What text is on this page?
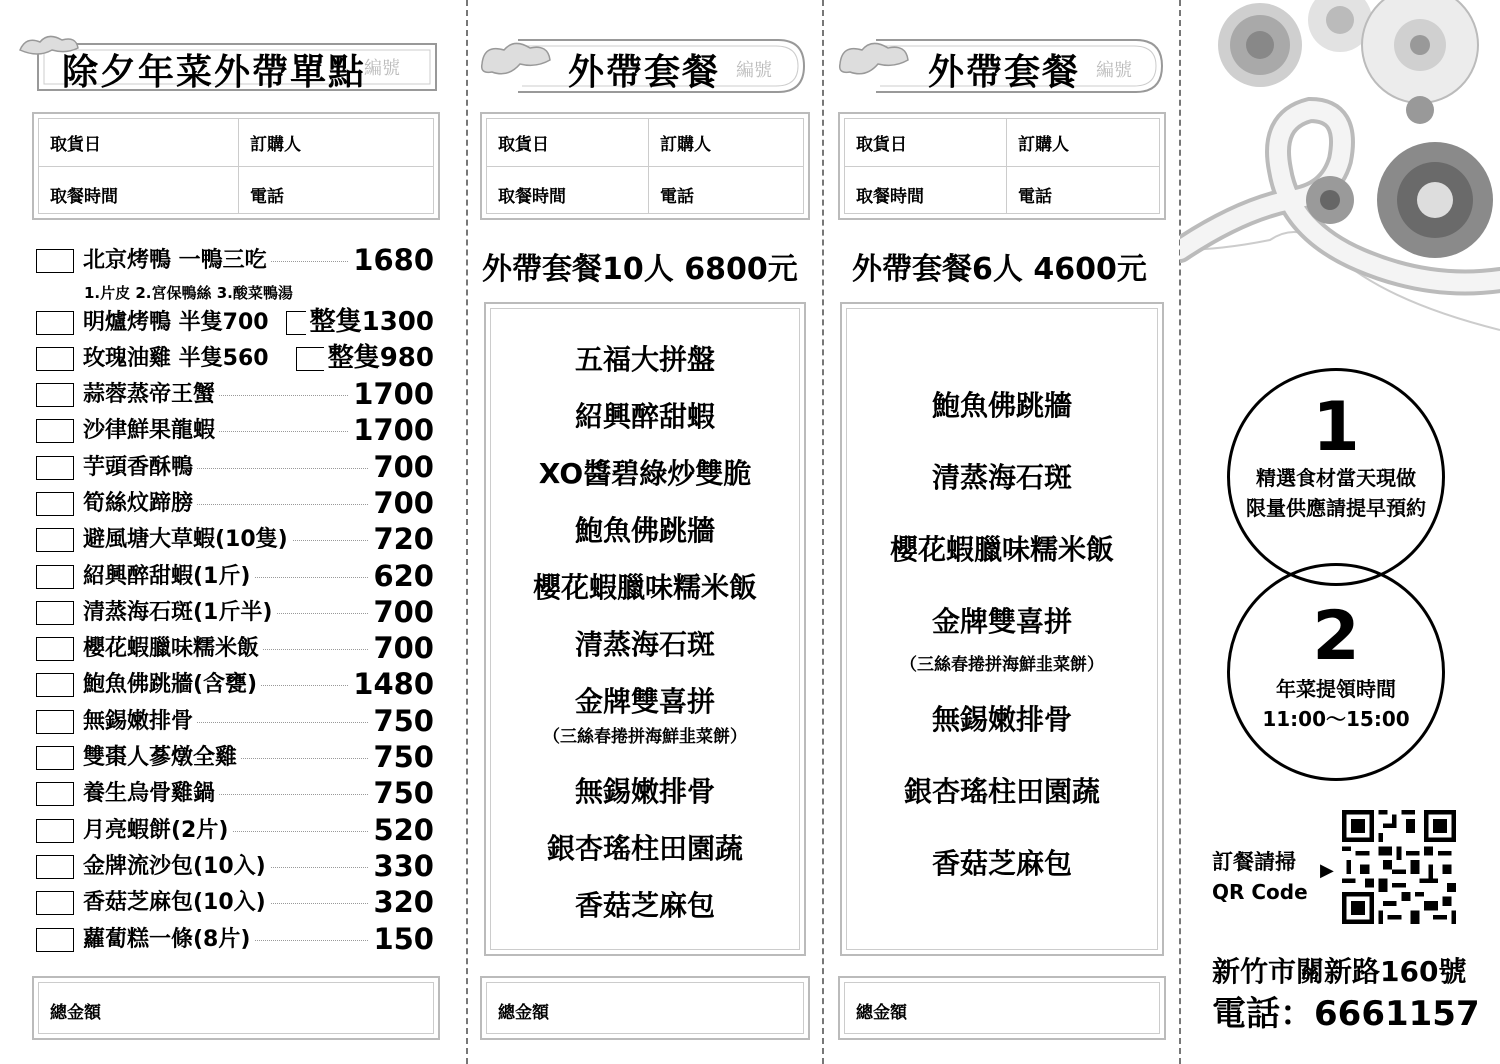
除夕年菜外帶單點
編號
取貨日	訂購人
取餐時間	電話
北京烤鴨 一鴨三吃	1680
1.片皮 2.宮保鴨絲 3.酸菜鴨湯
明爐烤鴨 半隻700 整隻1300
玫瑰油雞 半隻560 整隻980
蒜蓉蒸帝王蟹	1700
沙律鮮果龍蝦	1700
芋頭香酥鴨	700
筍絲炆蹄膀	700
避風塘大草蝦(10隻)	720
紹興醉甜蝦(1斤)	620
清蒸海石斑(1斤半)	700
櫻花蝦臘味糯米飯	700
鮑魚佛跳牆(含甕)	1480
無錫嫩排骨	750
雙棗人蔘燉全雞	750
養生烏骨雞鍋	750
月亮蝦餅(2片)	520
金牌流沙包(10入)	330
香菇芝麻包(10入)	320
蘿蔔糕一條(8片)	150
總金額
外帶套餐 編號
取貨日	訂購人
取餐時間	電話
外帶套餐10人 6800元
五福大拼盤
紹興醉甜蝦
XO醬碧綠炒雙脆
鮑魚佛跳牆
櫻花蝦臘味糯米飯
清蒸海石斑
金牌雙喜拼
（三絲春捲拼海鮮韭菜餅）
無錫嫩排骨
銀杏瑤柱田園蔬
香菇芝麻包
總金額
外帶套餐 編號
取貨日	訂購人
取餐時間	電話
外帶套餐6人 4600元
鮑魚佛跳牆
清蒸海石斑
櫻花蝦臘味糯米飯
金牌雙喜拼
（三絲春捲拼海鮮韭菜餅）
無錫嫩排骨
銀杏瑤柱田園蔬
香菇芝麻包
總金額
1
精選食材當天現做
限量供應請提早預約
2
年菜提領時間
11:00～15:00
訂餐請掃
QR Code
▶
新竹市關新路160號
電話：6661157
